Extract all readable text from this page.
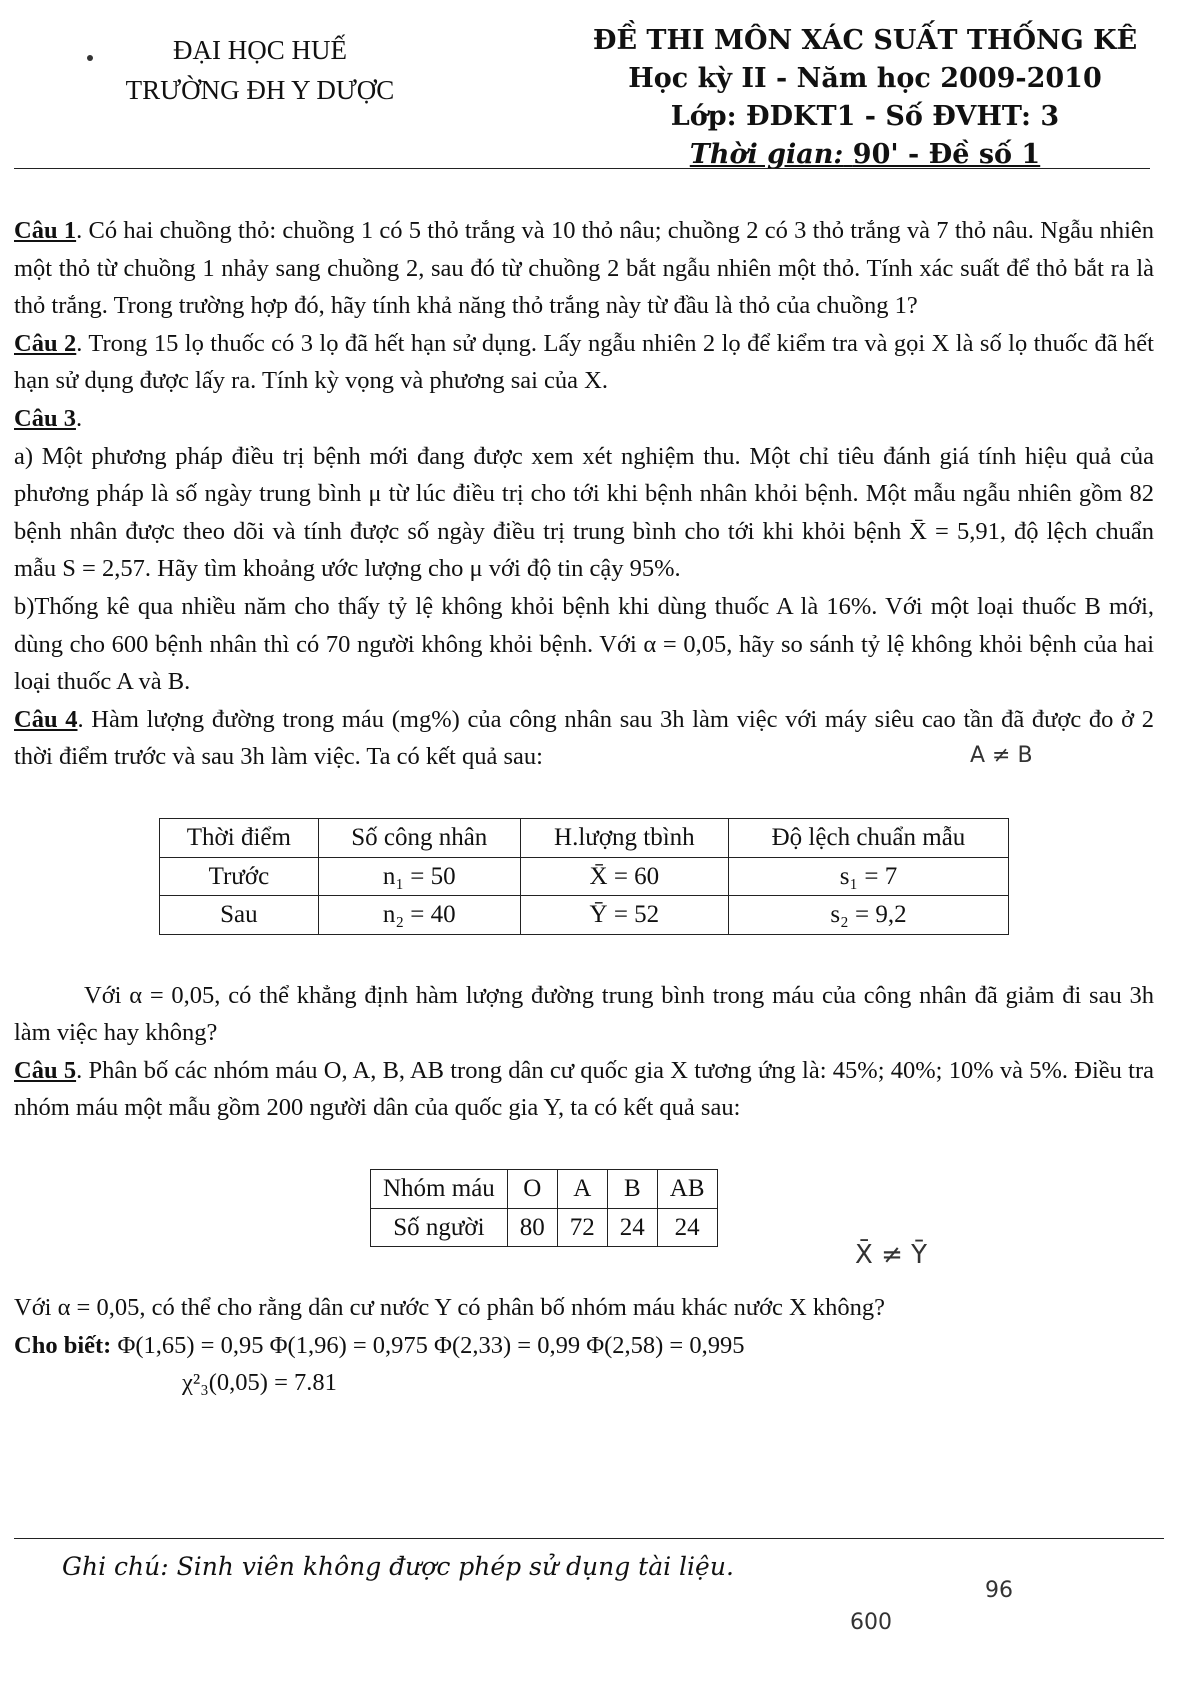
ĐẠI HỌC HUẾ
TRƯỜNG ĐH Y DƯỢC
ĐỀ THI MÔN XÁC SUẤT THỐNG KÊ
Học kỳ II - Năm học 2009-2010
Lớp: ĐDKT1 - Số ĐVHT: 3
Thời gian: 90' - Đề số 1

Câu 1. Có hai chuồng thỏ: chuồng 1 có 5 thỏ trắng và 10 thỏ nâu; chuồng 2 có 3 thỏ trắng và 7 thỏ nâu. Ngẫu nhiên một thỏ từ chuồng 1 nhảy sang chuồng 2, sau đó từ chuồng 2 bắt ngẫu nhiên một thỏ. Tính xác suất để thỏ bắt ra là thỏ trắng. Trong trường hợp đó, hãy tính khả năng thỏ trắng này từ đầu là thỏ của chuồng 1?

Câu 2. Trong 15 lọ thuốc có 3 lọ đã hết hạn sử dụng. Lấy ngẫu nhiên 2 lọ để kiểm tra và gọi X là số lọ thuốc đã hết hạn sử dụng được lấy ra. Tính kỳ vọng và phương sai của X.

Câu 3.

a) Một phương pháp điều trị bệnh mới đang được xem xét nghiệm thu. Một chỉ tiêu đánh giá tính hiệu quả của phương pháp là số ngày trung bình μ từ lúc điều trị cho tới khi bệnh nhân khỏi bệnh. Một mẫu ngẫu nhiên gồm 82 bệnh nhân được theo dõi và tính được số ngày điều trị trung bình cho tới khi khỏi bệnh X̄ = 5,91, độ lệch chuẩn mẫu S = 2,57. Hãy tìm khoảng ước lượng cho μ với độ tin cậy 95%.

b)Thống kê qua nhiều năm cho thấy tỷ lệ không khỏi bệnh khi dùng thuốc A là 16%. Với một loại thuốc B mới, dùng cho 600 bệnh nhân thì có 70 người không khỏi bệnh. Với α = 0,05, hãy so sánh tỷ lệ không khỏi bệnh của hai loại thuốc A và B.

Câu 4. Hàm lượng đường trong máu (mg%) của công nhân sau 3h làm việc với máy siêu cao tần đã được đo ở 2 thời điểm trước và sau 3h làm việc. Ta có kết quả sau:

Thời điểm	Số công nhân	H.lượng tbình	Độ lệch chuẩn mẫu
Trước	n₁ = 50	X̄ = 60	s₁ = 7
Sau	n₂ = 40	Ȳ = 52	s₂ = 9,2

Với α = 0,05, có thể khẳng định hàm lượng đường trung bình trong máu của công nhân đã giảm đi sau 3h làm việc hay không?

Câu 5. Phân bố các nhóm máu O, A, B, AB trong dân cư quốc gia X tương ứng là: 45%; 40%; 10% và 5%. Điều tra nhóm máu một mẫu gồm 200 người dân của quốc gia Y, ta có kết quả sau:

Nhóm máu	O	A	B	AB
Số người	80	72	24	24

Với α = 0,05, có thể cho rằng dân cư nước Y có phân bố nhóm máu khác nước X không?

Cho biết: Φ(1,65) = 0,95 Φ(1,96) = 0,975 Φ(2,33) = 0,99 Φ(2,58) = 0,995

χ²₃(0,05) = 7.81

A ≠ B
X̄ ≠ Ȳ
600
96
Ghi chú: Sinh viên không được phép sử dụng tài liệu.
